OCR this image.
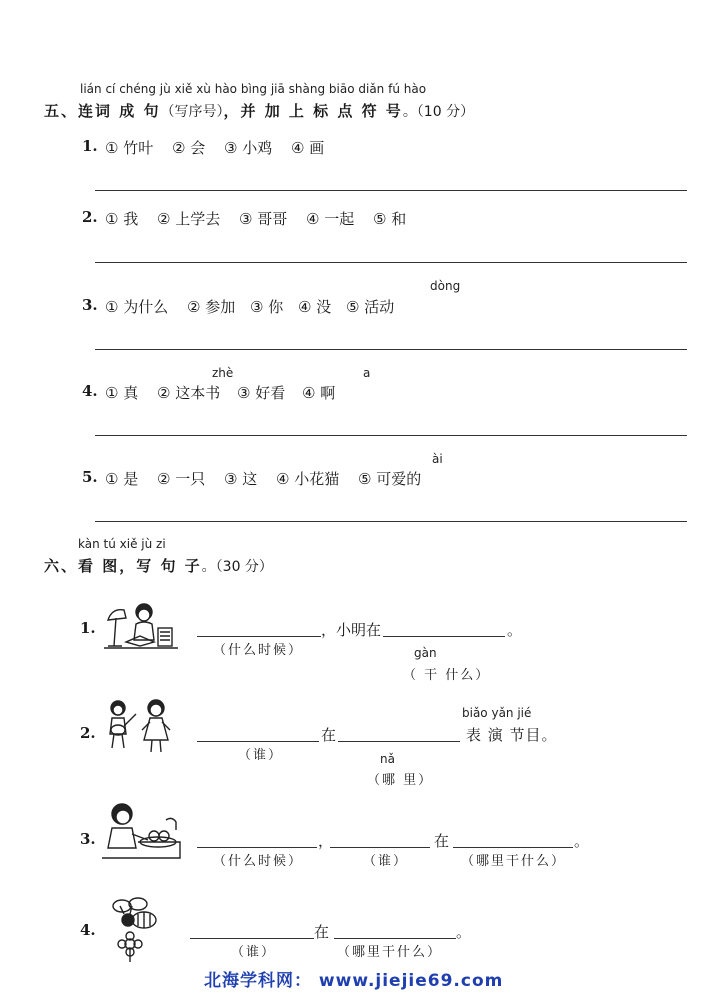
lián cí chéng jù xiě xù hào bìng jiā shàng biāo diǎn fú hào
五、连词 成 句（写序号），并 加 上 标 点 符 号。（10 分）
1. ① 竹叶 ② 会 ③ 小鸡 ④ 画
2. ① 我 ② 上学去 ③ 哥哥 ④ 一起 ⑤ 和
dòng
3. ① 为什么 ② 参加 ③ 你 ④ 没 ⑤ 活动
zhè	a
4. ① 真 ② 这本书 ③ 好看 ④ 啊
ài
5. ① 是 ② 一只 ③ 这 ④ 小花猫 ⑤ 可爱的
kàn tú xiě jù zi
六、看 图，写 句 子。（30 分）
1.	，小明在	。
（什么时候）	gàn
（ 干 什么）
biǎo yǎn jié
2.	在	表 演 节目。
（谁）	nǎ
（哪 里）
3.	，	在	。
（什么时候）	（谁）	（哪里干什么）
4.	在	。
（谁）	（哪里干什么）
北海学科网： www.jiejie69.com
